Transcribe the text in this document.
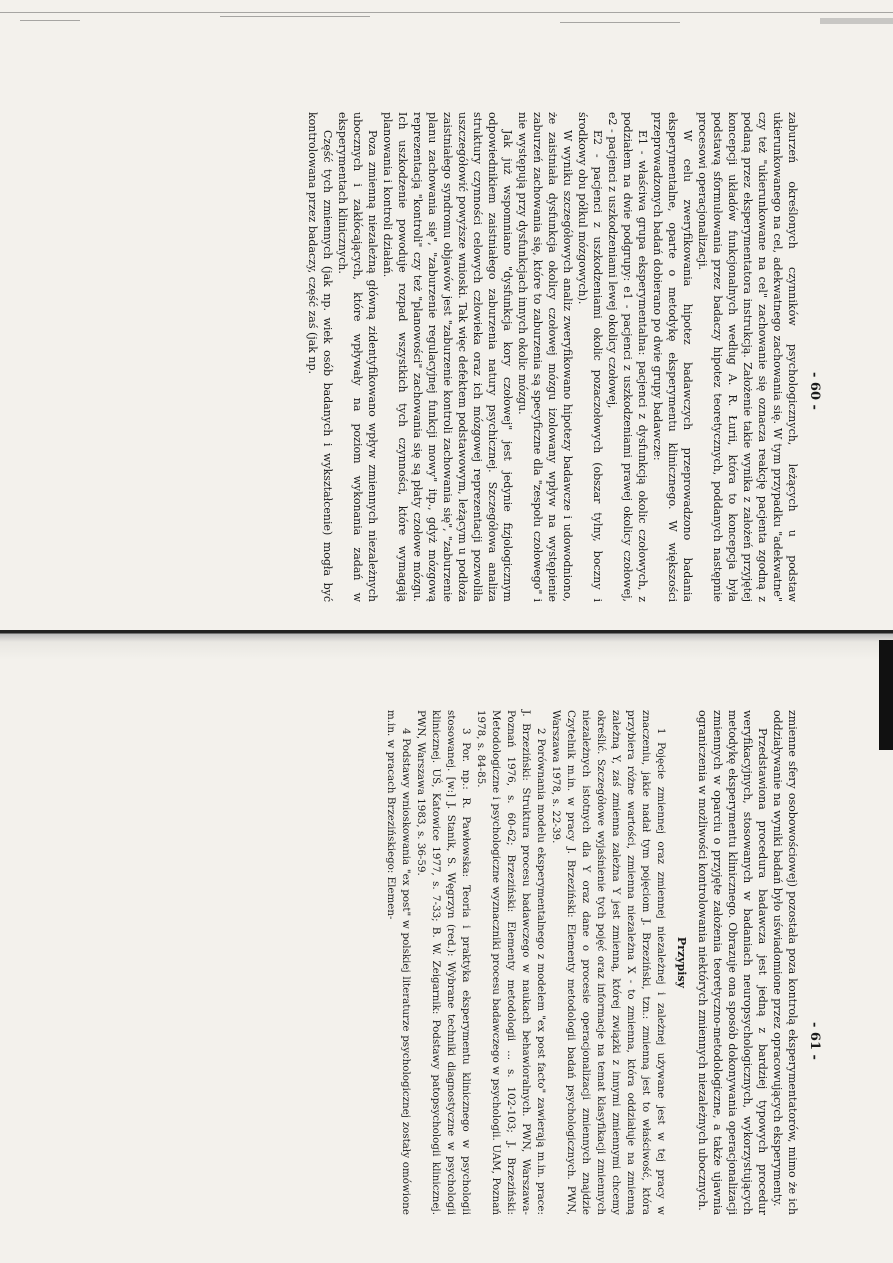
- 60 -

zaburzeń określonych czynników psychologicznych, leżących u podstaw ukierunkowanego na cel, adekwatnego zachowania się. W tym przypadku "adekwatne" czy też "ukierunkowane na cel" zachowanie się oznacza reakcję pacjenta zgodną z podaną przez eksperymentatora instrukcją. Założenie takie wynika z założeń przyjętej koncepcji układów funkcjonalnych według A. R. Łurii, która to koncepcja była podstawą sformułowania przez badaczy hipotez teoretycznych, poddanych następnie procesowi operacjonalizacji.

W celu zweryfikowania hipotez badawczych przeprowadzono badania eksperymentalne, oparte o metodykę eksperymentu klinicznego. W większości przeprowadzonych badań dobierano po dwie grupy badawcze:

E1 - właściwa grupa eksperymentalna: pacjenci z dysfunkcją okolic czołowych, z podziałem na dwie podgrupy: e1 - pacjenci z uszkodzeniami prawej okolicy czołowej, e2 - pacjenci z uszkodzeniami lewej okolicy czołowej,

E2 - pacjenci z uszkodzeniami okolic pozaczołowych (obszar tylny, boczny i środkowy obu półkul mózgowych).

W wyniku szczegółowych analiz zweryfikowano hipotezy badawcze i udowodniono, że zaistniała dysfunkcja okolicy czołowej mózgu izolowany wpływ na występienie zaburzeń zachowania się, które to zaburzenia są specyficzne dla "zespołu czołowego" i nie występują przy dysfunkcjach innych okolic mózgu.

Jak już wspomniano "dysfunkcja kory czołowej" jest jedynie fizjologicznym odpowiednikiem zaistniałego zaburzenia natury psychicznej. Szczegółowa analiza struktury czynności celowych człowieka oraz ich mózgowej reprezentacji pozwoliła uszczegółowić powyższe wnioski. Tak więc defektem podstawowym, leżącym u podłoża zaistniałego syndromu objawów jest "zaburzenie kontroli zachowania się", "zaburzenie planu zachowania się", "zaburzenie regulacyjnej funkcji mowy" itp., gdyż mózgową reprezentacją "kontroli" czy też "planowości" zachowania się są płaty czołowe mózgu. Ich uszkodzenie powoduje rozpad wszystkich tych czynności, które wymagają planowania i kontroli działań.

Poza zmienną niezależną główną zidentyfikowano wpływ zmiennych niezależnych ubocznych i zakłócających, które wpływały na poziom wykonania zadań w eksperymentach klinicznych.

Część tych zmiennych (jak np. wiek osób badanych i wykształcenie) mogła być kontrolowana przez badaczy, część zaś (jak np.

- 61 -

zmienne sfery osobowościowej) pozostała poza kontrolą eksperymentatorów, mimo że ich oddziaływanie na wyniki badań było uświadomione przez opracowujących eksperymenty.

Przedstawiona procedura badawcza jest jedną z bardziej typowych procedur weryfikacyjnych, stosowanych w badaniach neuropsychologicznych, wykorzystujących metodykę eksperymentu klinicznego. Obrazuje ona sposób dokonywania operacjonalizacji zmiennych w oparciu o przyjęte założenia teoretyczno-metodologiczne, a także ujawnia ograniczenia w możliwości kontrolowania niektórych zmiennych niezależnych ubocznych.

Przypisy

1 Pojęcie zmiennej oraz zmiennej niezależnej i zależnej używane jest w tej pracy w znaczeniu, jakie nadał tym pojęciom J. Brzeziński, tzn.: zmienną jest to właściwość, która przybiera różne wartości, zmienna niezależna X - to zmienna, która oddziałuje na zmienną zależną Y, zaś zmienna zależna Y jest zmienną, której związki z innymi zmiennymi chcemy określić. Szczegółowe wyjaśnienie tych pojęć oraz informacje na temat klasyfikacji zmiennych niezależnych istotnych dla Y oraz dane o procesie operacjonalizacji zmiennych znajdzie Czytelnik m.in. w pracy J. Brzeziński: Elementy metodologii badań psychologicznych. PWN, Warszawa 1978, s. 22-39.

2 Porównania modelu eksperymentalnego z modelem "ex post facto" zawierają m.in. prace: J. Brzeziński: Struktura procesu badawczego w naukach behawioralnych. PWN, Warszawa-Poznań 1976, s. 60-62; Brzeziński: Elementy metodologii ... s. 102-103; J. Brzeziński: Metodologiczne i psychologiczne wyznaczniki procesu badawczego w psychologii. UAM, Poznań 1978, s. 84-85.

3 Por. np.: R. Pawłowska: Teoria i praktyka eksperymentu klinicznego w psychologii stosowanej. [w:] J. Stanik, S. Węgrzyn (red.): Wybrane techniki diagnostyczne w psychologii klinicznej. UŚ, Katowice 1977, s. 7-33; B. W. Zeigarnik: Podstawy patopsychologii klinicznej. PWN, Warszawa 1983, s. 36-59.

4 Podstawy wnioskowania "ex post" w polskiej literaturze psychologicznej zostały omówione m.in. w pracach Brzezińskiego: Elemen-
